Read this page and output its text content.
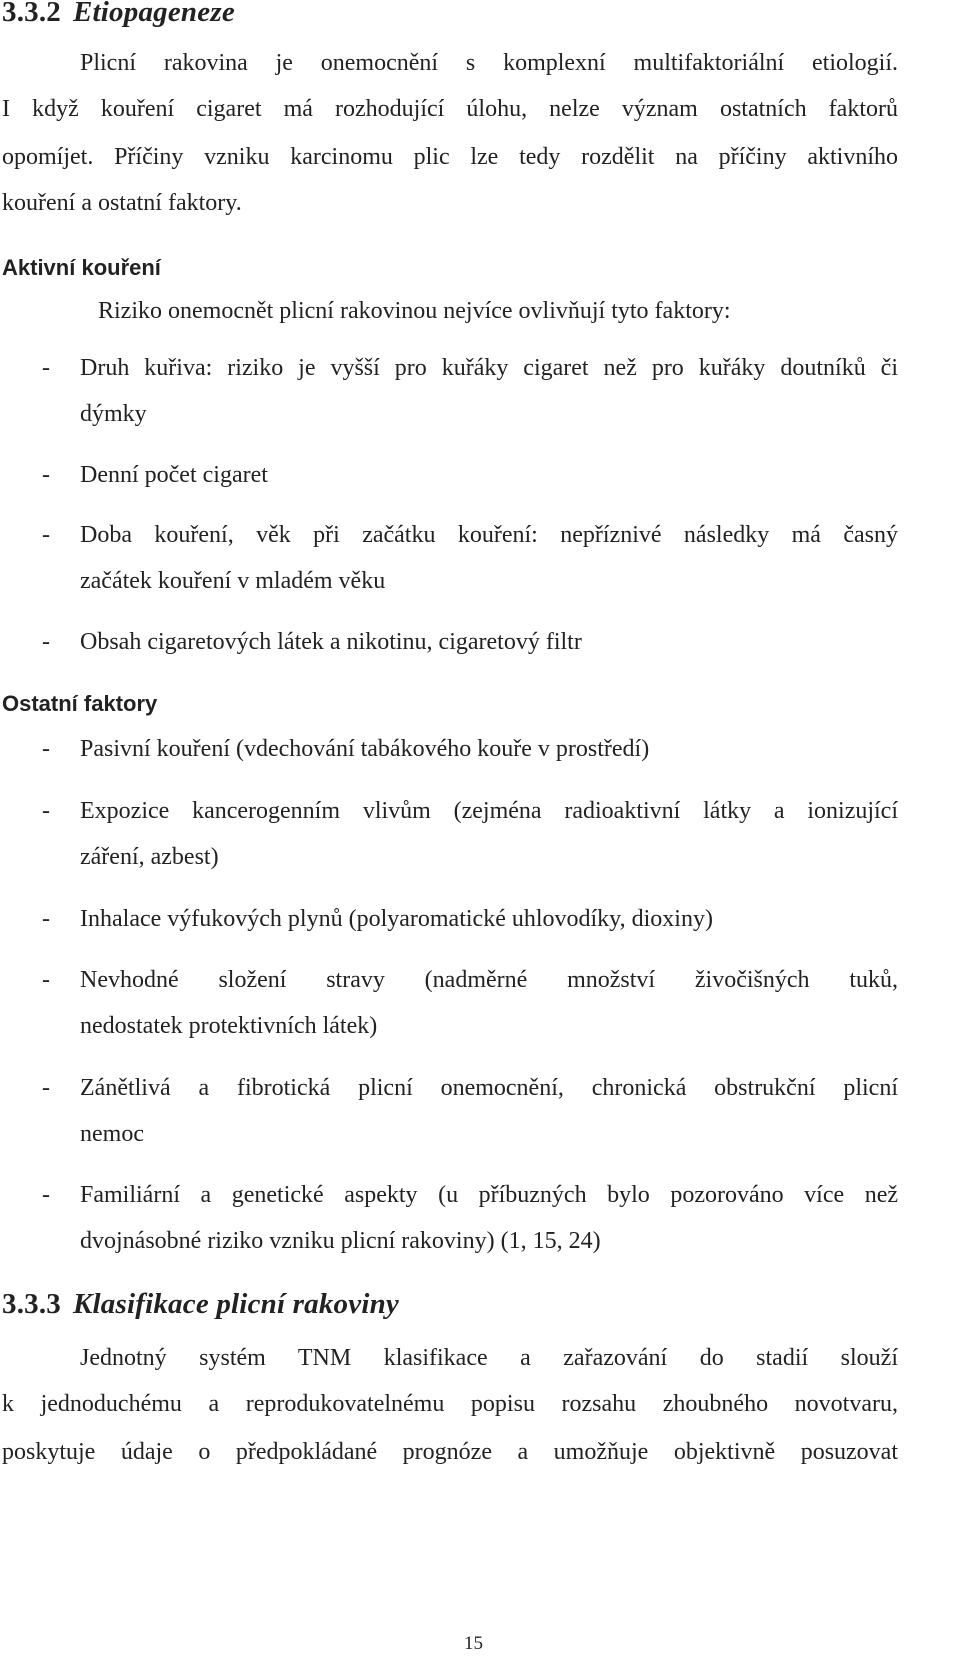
3.3.2 Etiopageneze
Plicní rakovina je onemocnění s komplexní multifaktoriální etiologií.
I když kouření cigaret má rozhodující úlohu, nelze význam ostatních faktorů
opomíjet. Příčiny vzniku karcinomu plic lze tedy rozdělit na příčiny aktivního
kouření a ostatní faktory.
Aktivní kouření
Riziko onemocnět plicní rakovinou nejvíce ovlivňují tyto faktory:
- Druh kuřiva: riziko je vyšší pro kuřáky cigaret než pro kuřáky doutníků či
dýmky
- Denní počet cigaret
- Doba kouření, věk při začátku kouření: nepříznivé následky má časný
začátek kouření v mladém věku
- Obsah cigaretových látek a nikotinu, cigaretový filtr
Ostatní faktory
- Pasivní kouření (vdechování tabákového kouře v prostředí)
- Expozice kancerogenním vlivům (zejména radioaktivní látky a ionizující
záření, azbest)
- Inhalace výfukových plynů (polyaromatické uhlovodíky, dioxiny)
- Nevhodné složení stravy (nadměrné množství živočišných tuků,
nedostatek protektivních látek)
- Zánětlivá a fibrotická plicní onemocnění, chronická obstrukční plicní
nemoc
- Familiární a genetické aspekty (u příbuzných bylo pozorováno více než
dvojnásobné riziko vzniku plicní rakoviny) (1, 15, 24)
3.3.3 Klasifikace plicní rakoviny
Jednotný systém TNM klasifikace a zařazování do stadií slouží
k jednoduchému a reprodukovatelnému popisu rozsahu zhoubného novotvaru,
poskytuje údaje o předpokládané prognóze a umožňuje objektivně posuzovat
15
